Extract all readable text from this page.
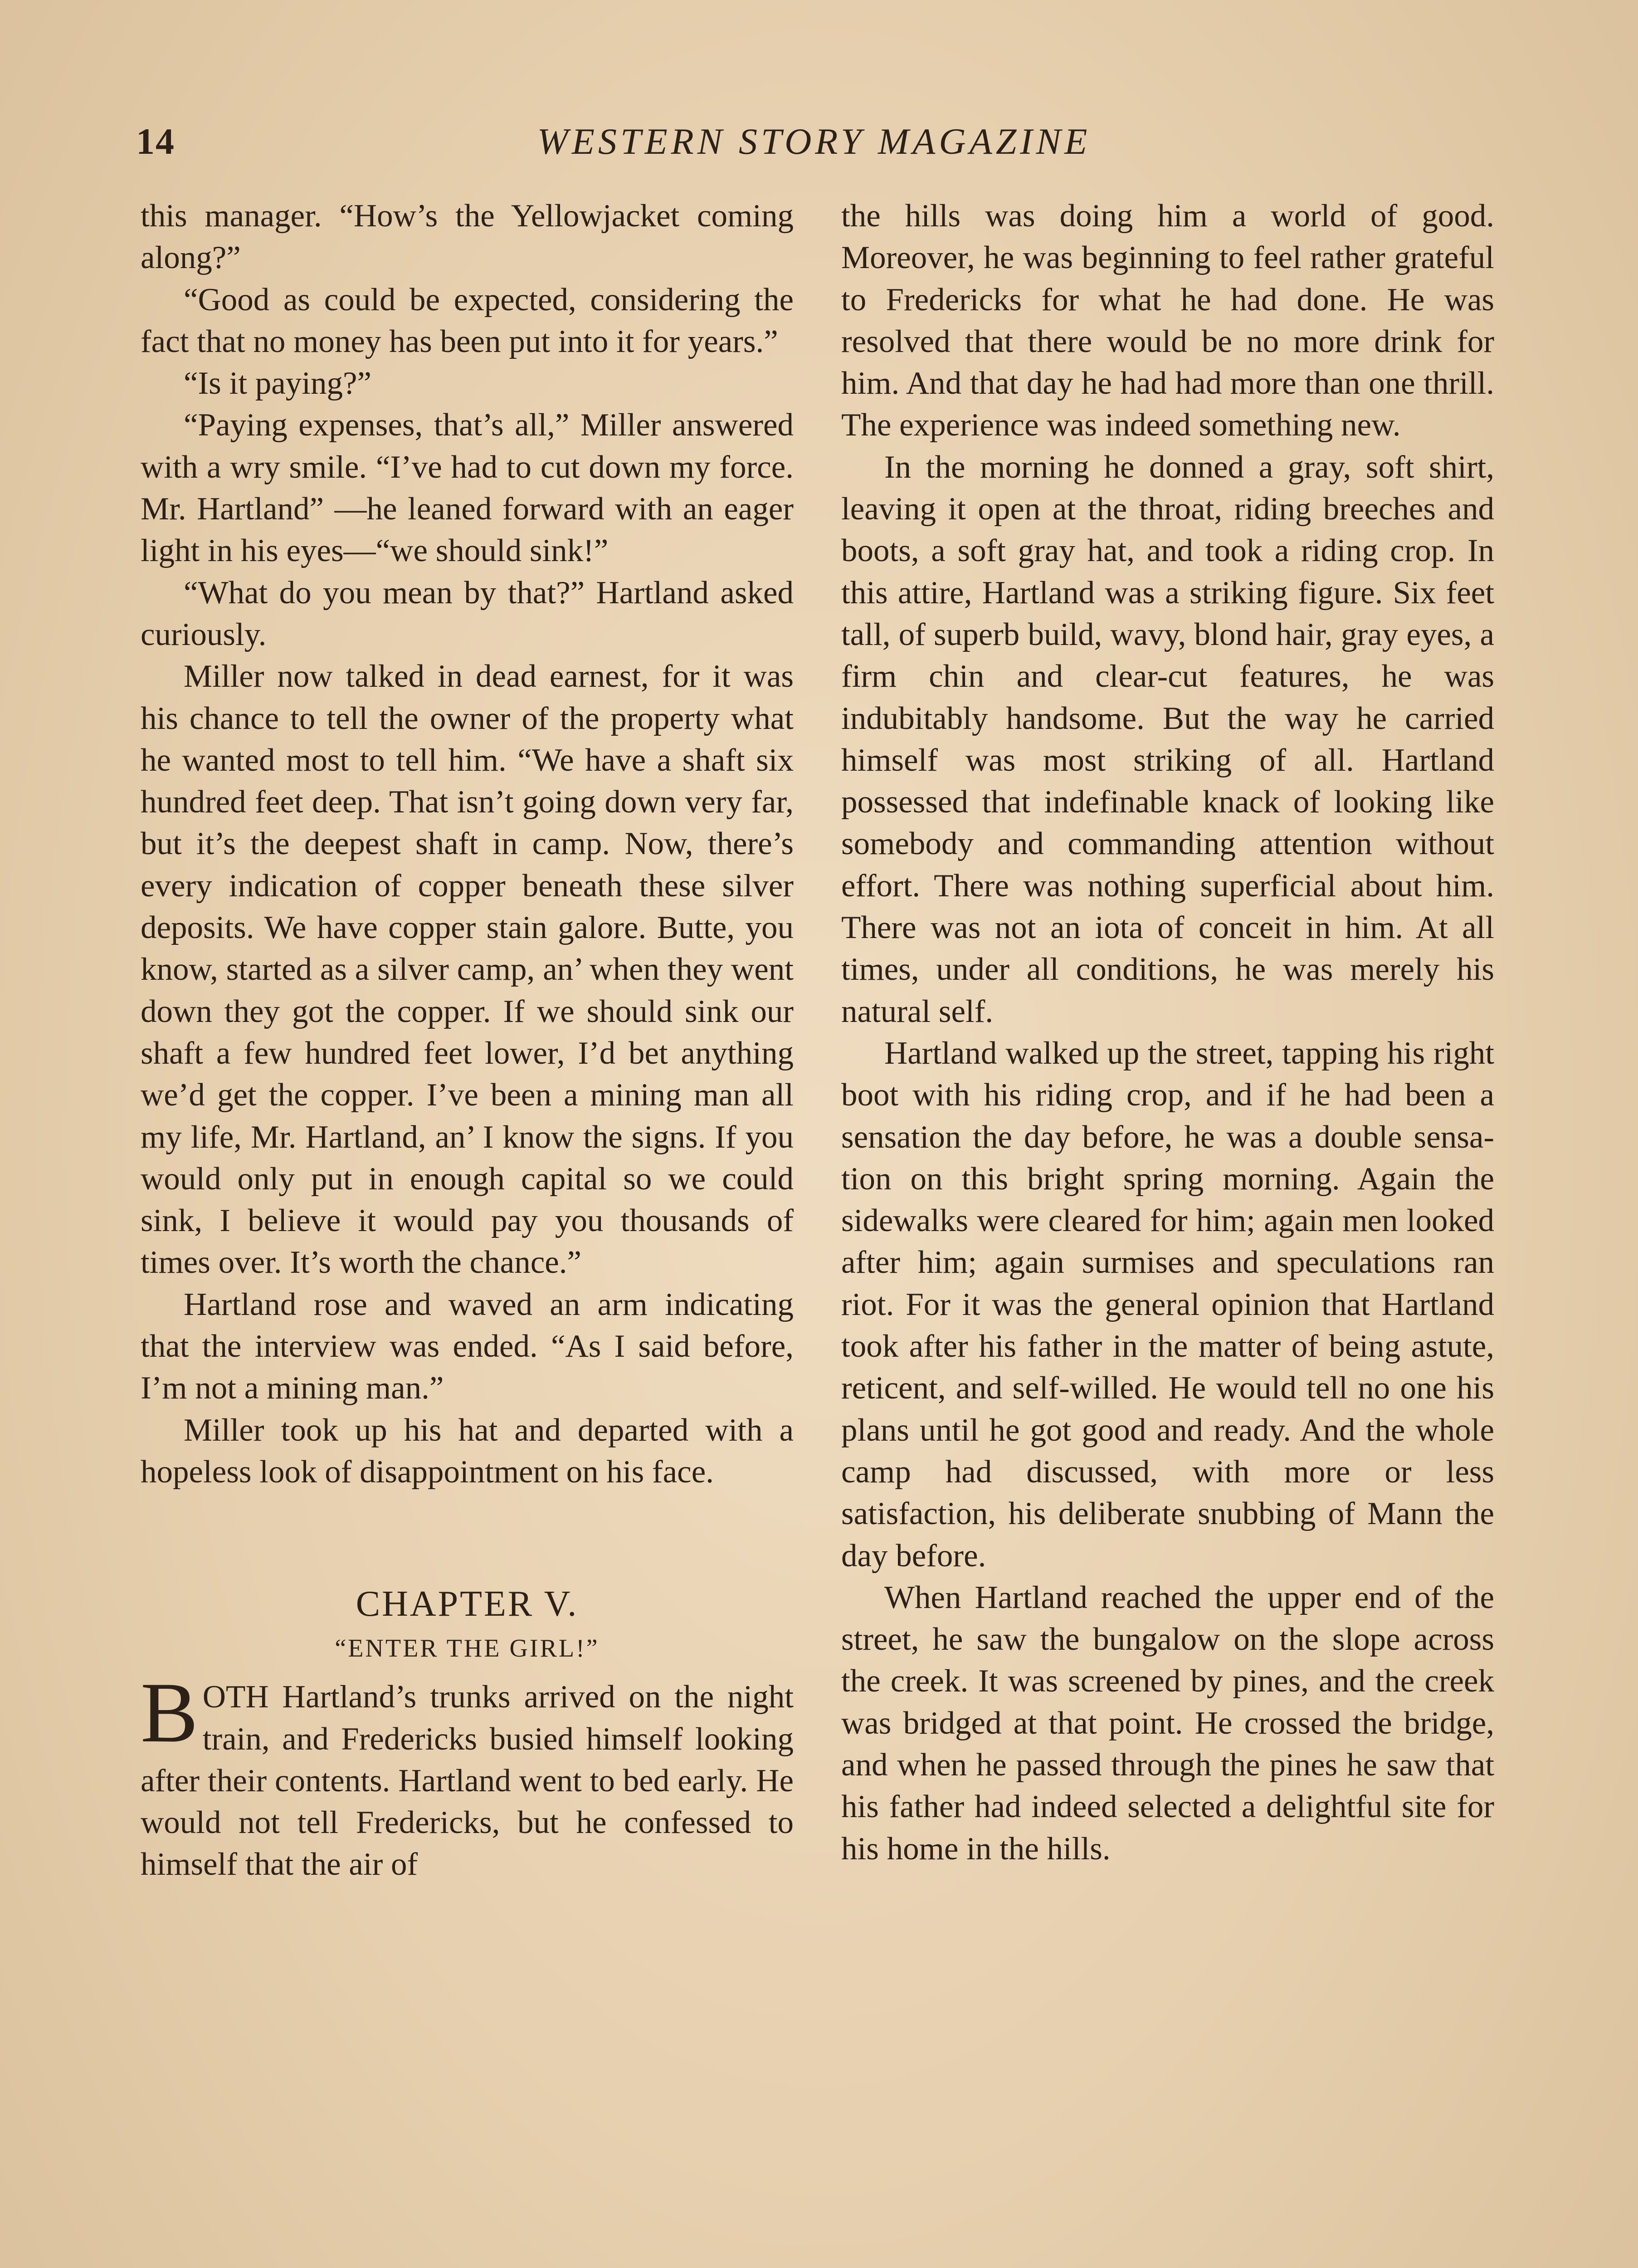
14	WESTERN STORY MAGAZINE

this manager. “How’s the Yellowjacket coming along?”

“Good as could be expected, considering the fact that no money has been put into it for years.”

“Is it paying?”

“Paying expenses, that’s all,” Miller answered with a wry smile. “I’ve had to cut down my force. Mr. Hartland” —he leaned forward with an eager light in his eyes—“we should sink!”

“What do you mean by that?” Hartland asked curiously.

Miller now talked in dead earnest, for it was his chance to tell the owner of the property what he wanted most to tell him. “We have a shaft six hundred feet deep. That isn’t going down very far, but it’s the deepest shaft in camp. Now, there’s every indication of copper beneath these silver deposits. We have copper stain galore. Butte, you know, started as a silver camp, an’ when they went down they got the copper. If we should sink our shaft a few hundred feet lower, I’d bet anything we’d get the copper. I’ve been a mining man all my life, Mr. Hartland, an’ I know the signs. If you would only put in enough capital so we could sink, I believe it would pay you thousands of times over. It’s worth the chance.”

Hartland rose and waved an arm indicating that the interview was ended. “As I said before, I’m not a mining man.”

Miller took up his hat and departed with a hopeless look of disappointment on his face.

CHAPTER V.
“ENTER THE GIRL!”

BOTH Hartland’s trunks arrived on the night train, and Fredericks busied himself looking after their contents. Hartland went to bed early. He would not tell Fredericks, but he confessed to himself that the air of

the hills was doing him a world of good. Moreover, he was beginning to feel rather grateful to Fredericks for what he had done. He was resolved that there would be no more drink for him. And that day he had had more than one thrill. The experience was indeed something new.

In the morning he donned a gray, soft shirt, leaving it open at the throat, riding breeches and boots, a soft gray hat, and took a riding crop. In this attire, Hartland was a striking figure. Six feet tall, of superb build, wavy, blond hair, gray eyes, a firm chin and clear-cut features, he was indubitably handsome. But the way he carried himself was most striking of all. Hartland possessed that indefinable knack of looking like somebody and commanding attention without effort. There was nothing superficial about him. There was not an iota of conceit in him. At all times, under all conditions, he was merely his natural self.

Hartland walked up the street, tapping his right boot with his riding crop, and if he had been a sensation the day before, he was a double sensation on this bright spring morning. Again the sidewalks were cleared for him; again men looked after him; again surmises and speculations ran riot. For it was the general opinion that Hartland took after his father in the matter of being astute, reticent, and self-willed. He would tell no one his plans until he got good and ready. And the whole camp had discussed, with more or less satisfaction, his deliberate snubbing of Mann the day before.

When Hartland reached the upper end of the street, he saw the bungalow on the slope across the creek. It was screened by pines, and the creek was bridged at that point. He crossed the bridge, and when he passed through the pines he saw that his father had indeed selected a delightful site for his home in the hills.
